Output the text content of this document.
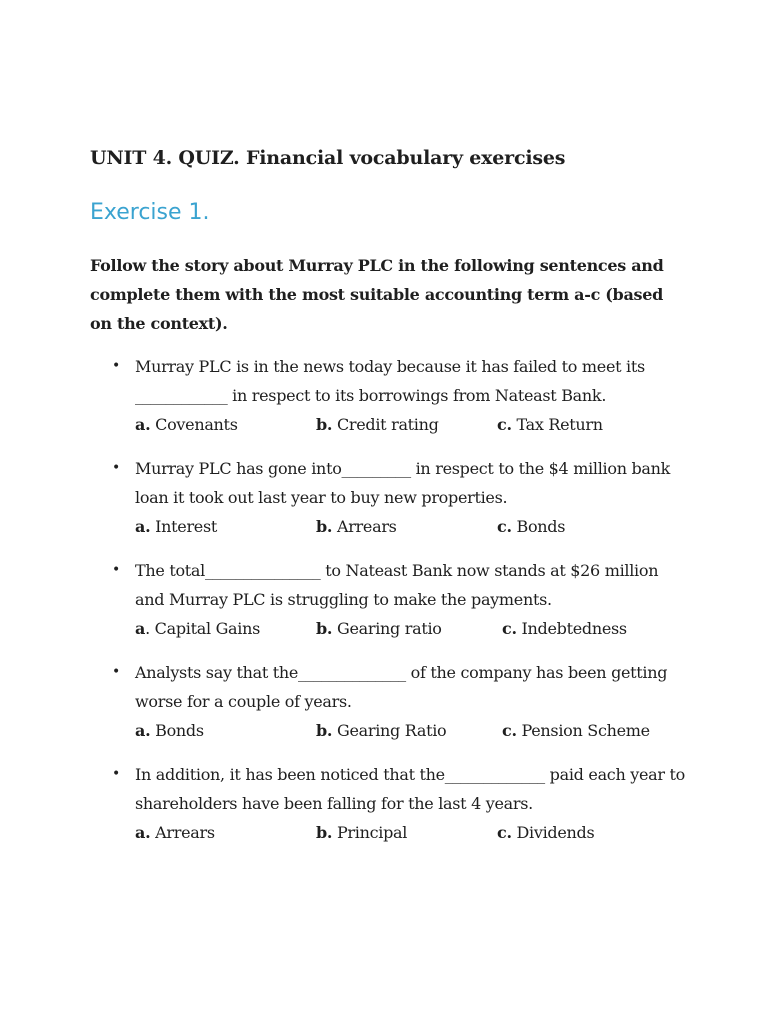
UNIT 4. QUIZ. Financial vocabulary exercises
Exercise 1.

Follow the story about Murray PLC in the following sentences and complete them with the most suitable accounting term a-c (based on the context).

• Murray PLC is in the news today because it has failed to meet its
____________ in respect to its borrowings from Nateast Bank.
a. Covenants	b. Credit rating	c. Tax Return
• Murray PLC has gone into_________ in respect to the $4 million bank
loan it took out last year to buy new properties.
a. Interest	b. Arrears	c. Bonds
• The total_______________ to Nateast Bank now stands at $26 million
and Murray PLC is struggling to make the payments.
a. Capital Gains	b. Gearing ratio	c. Indebtedness
• Analysts say that the______________ of the company has been getting
worse for a couple of years.
a. Bonds	b. Gearing Ratio	c. Pension Scheme
• In addition, it has been noticed that the_____________ paid each year to
shareholders have been falling for the last 4 years.
a. Arrears	b. Principal	c. Dividends
